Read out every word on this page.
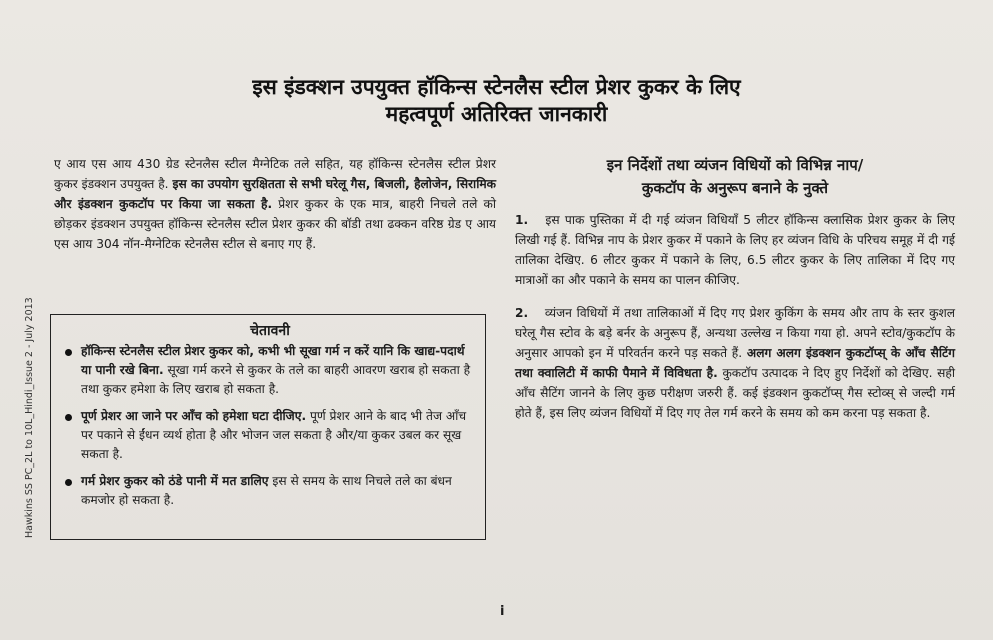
इस इंडक्शन उपयुक्त हॉकिन्स स्टेनलैस स्टील प्रेशर कुकर के लिए
महत्वपूर्ण अतिरिक्त जानकारी
Hawkins SS PC_2L to 10L_Hindi_Issue 2 - July 2013
ए आय एस आय 430 ग्रेड स्टेनलैस स्टील मैग्नेटिक तले सहित, यह हॉकिन्स स्टेनलैस स्टील प्रेशर कुकर इंडक्शन उपयुक्त है. इस का उपयोग सुरक्षितता से सभी घरेलू गैस, बिजली, हैलोजेन, सिरामिक और इंडक्शन कुकटॉप पर किया जा सकता है. प्रेशर कुकर के एक मात्र, बाहरी निचले तले को छोड़कर इंडक्शन उपयुक्त हॉकिन्स स्टेनलैस स्टील प्रेशर कुकर की बॉडी तथा ढक्कन वरिष्ठ ग्रेड ए आय एस आय 304 नॉन-मैग्नेटिक स्टेनलैस स्टील से बनाए गए हैं.
चेतावनी
हॉकिन्स स्टेनलैस स्टील प्रेशर कुकर को, कभी भी सूखा गर्म न करें यानि कि खाद्य-पदार्थ या पानी रखे बिना. सूखा गर्म करने से कुकर के तले का बाहरी आवरण खराब हो सकता है तथा कुकर हमेशा के लिए खराब हो सकता है.
पूर्ण प्रेशर आ जाने पर आँच को हमेशा घटा दीजिए. पूर्ण प्रेशर आने के बाद भी तेज आँच पर पकाने से ईंधन व्यर्थ होता है और भोजन जल सकता है और/या कुकर उबल कर सूख सकता है.
गर्म प्रेशर कुकर को ठंडे पानी में मत डालिए इस से समय के साथ निचले तले का बंधन कमजोर हो सकता है.
इन निर्देशों तथा व्यंजन विधियों को विभिन्न नाप/
कुकटॉप के अनुरूप बनाने के नुक्ते
1. इस पाक पुस्तिका में दी गई व्यंजन विधियाँ 5 लीटर हॉकिन्स क्लासिक प्रेशर कुकर के लिए लिखी गई हैं. विभिन्न नाप के प्रेशर कुकर में पकाने के लिए हर व्यंजन विधि के परिचय समूह में दी गई तालिका देखिए. 6 लीटर कुकर में पकाने के लिए, 6.5 लीटर कुकर के लिए तालिका में दिए गए मात्राओं का और पकाने के समय का पालन कीजिए.
2. व्यंजन विधियों में तथा तालिकाओं में दिए गए प्रेशर कुकिंग के समय और ताप के स्तर कुशल घरेलू गैस स्टोव के बड़े बर्नर के अनुरूप हैं, अन्यथा उल्लेख न किया गया हो. अपने स्टोव/कुकटॉप के अनुसार आपको इन में परिवर्तन करने पड़ सकते हैं. अलग अलग इंडक्शन कुकटॉप्स् के आँच सैटिंग तथा क्वालिटी में काफी पैमाने में विविधता है. कुकटॉप उत्पादक ने दिए हुए निर्देशों को देखिए. सही आँच सैटिंग जानने के लिए कुछ परीक्षण जरुरी हैं. कई इंडक्शन कुकटॉप्स् गैस स्टोव्स् से जल्दी गर्म होते हैं, इस लिए व्यंजन विधियों में दिए गए तेल गर्म करने के समय को कम करना पड़ सकता है.
i
